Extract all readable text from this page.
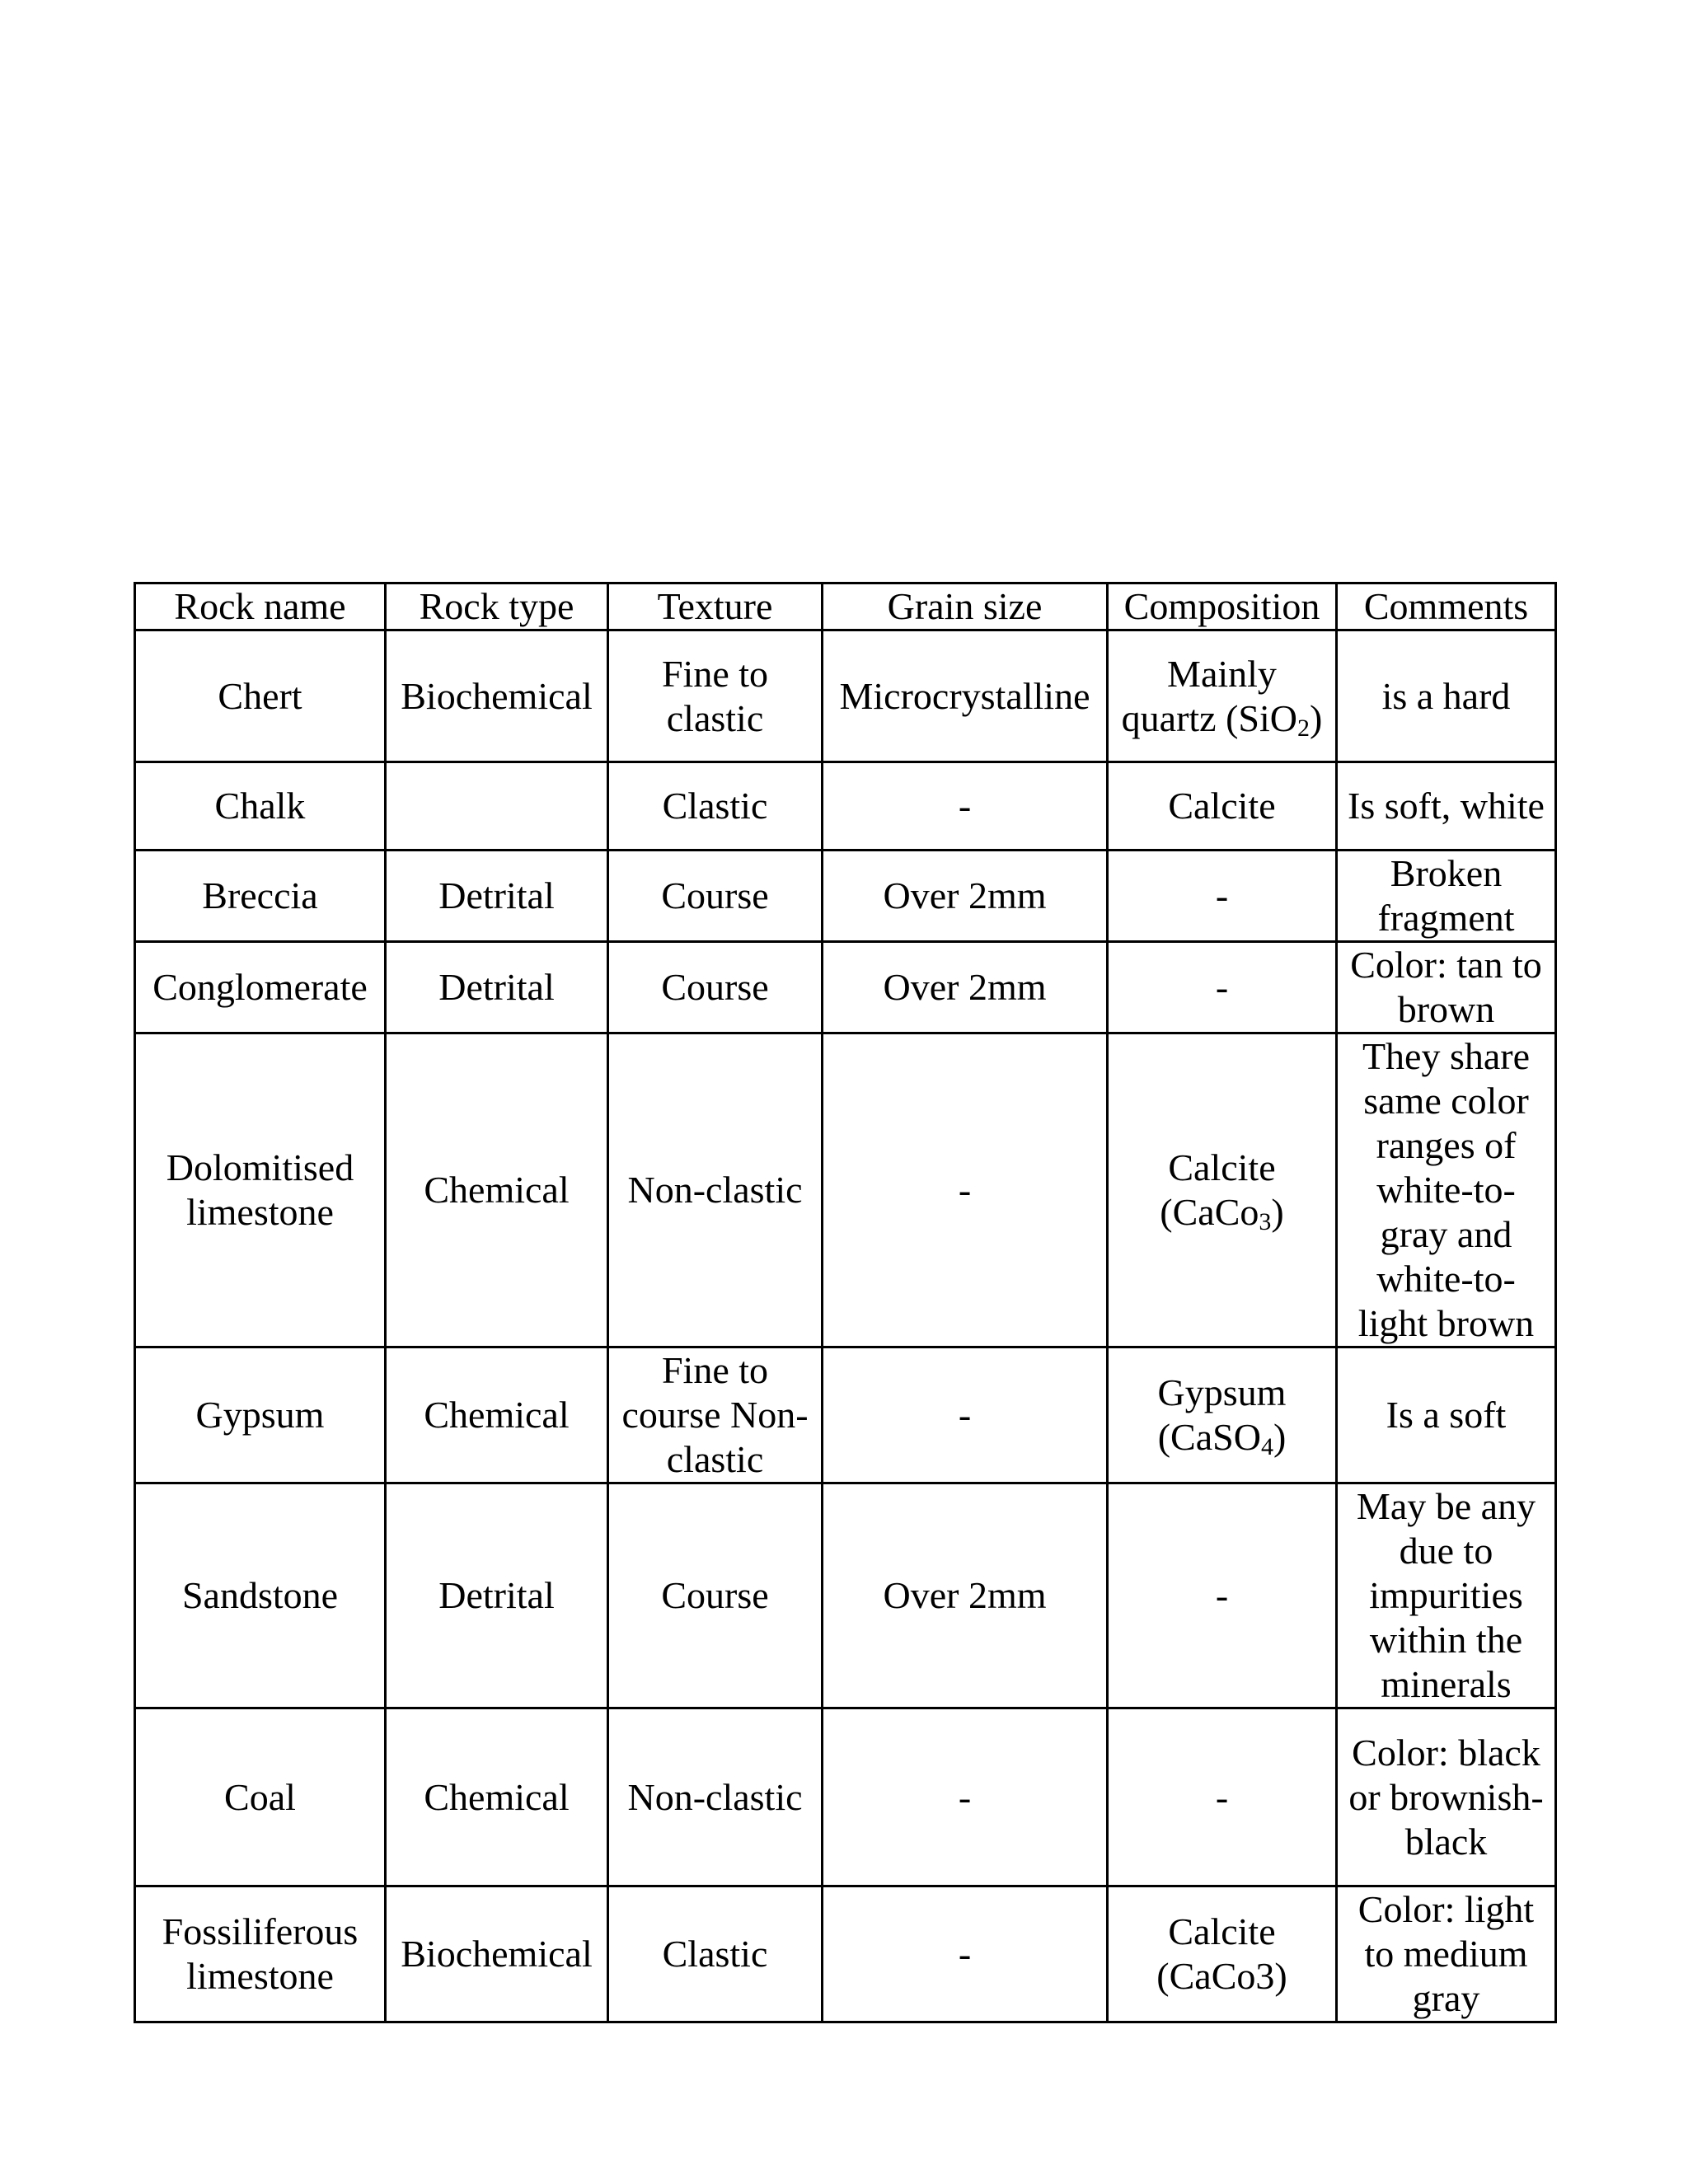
Rock name	Rock type	Texture	Grain size	Composition	Comments
Chert	Biochemical	Fine to clastic	Microcrystalline	Mainly quartz (SiO$_2$)	is a hard
Chalk		Clastic	-	Calcite	Is soft, white
Breccia	Detrital	Course	Over 2mm	-	Broken fragment
Conglomerate	Detrital	Course	Over 2mm	-	Color: tan to brown
Dolomitised limestone	Chemical	Non-clastic	-	Calcite (CaCo$_3$)	They share same color ranges of white-to-gray and white-to-light brown
Gypsum	Chemical	Fine to course Non-clastic	-	Gypsum (CaSO$_4$)	Is a soft
Sandstone	Detrital	Course	Over 2mm	-	May be any due to impurities within the minerals
Coal	Chemical	Non-clastic	-	-	Color: black or brownish-black
Fossiliferous limestone	Biochemical	Clastic	-	Calcite (CaCo3)	Color: light to medium gray
